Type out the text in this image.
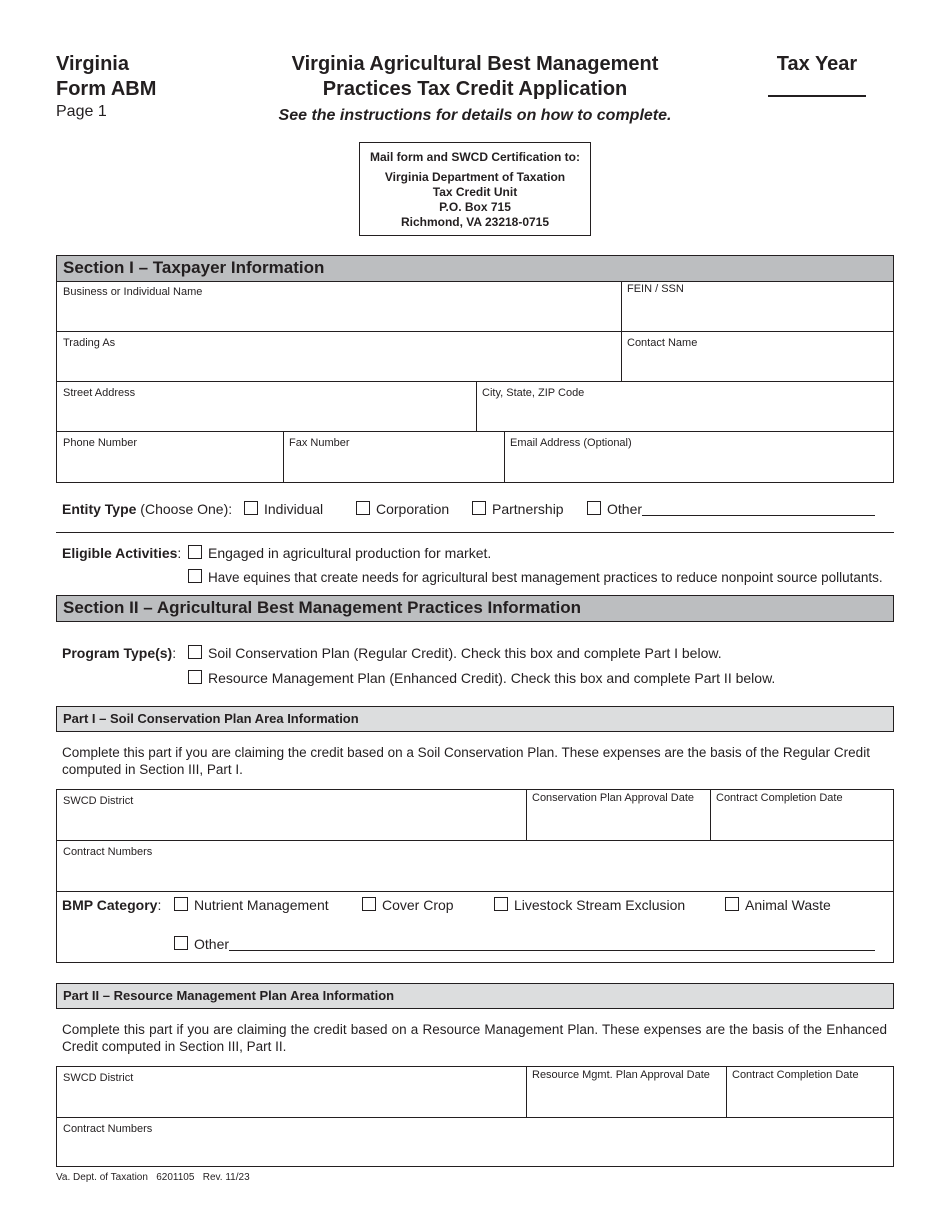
Virginia
Form ABM
Page 1
Virginia Agricultural Best Management
Practices Tax Credit Application
See the instructions for details on how to complete.
Tax Year
Mail form and SWCD Certification to:
Virginia Department of Taxation
Tax Credit Unit
P.O. Box 715
Richmond, VA 23218-0715
Section I – Taxpayer Information
Business or Individual Name	FEIN / SSN
Trading As	Contact Name
Street Address	City, State, ZIP Code
Phone Number	Fax Number	Email Address (Optional)
Entity Type (Choose One):	Individual	Corporation	Partnership	Other
Eligible Activities:	Engaged in agricultural production for market.
Have equines that create needs for agricultural best management practices to reduce nonpoint source pollutants.
Section II – Agricultural Best Management Practices Information
Program Type(s):	Soil Conservation Plan (Regular Credit). Check this box and complete Part I below.
Resource Management Plan (Enhanced Credit). Check this box and complete Part II below.
Part I – Soil Conservation Plan Area Information
Complete this part if you are claiming the credit based on a Soil Conservation Plan. These expenses are the basis of the Regular Credit computed in Section III, Part I.
SWCD District	Conservation Plan Approval Date	Contract Completion Date
Contract Numbers
BMP Category:	Nutrient Management	Cover Crop	Livestock Stream Exclusion	Animal Waste
Other
Part II – Resource Management Plan Area Information
Complete this part if you are claiming the credit based on a Resource Management Plan. These expenses are the basis of the Enhanced Credit computed in Section III, Part II.
SWCD District	Resource Mgmt. Plan Approval Date	Contract Completion Date
Contract Numbers
Va. Dept. of Taxation   6201105   Rev. 11/23
